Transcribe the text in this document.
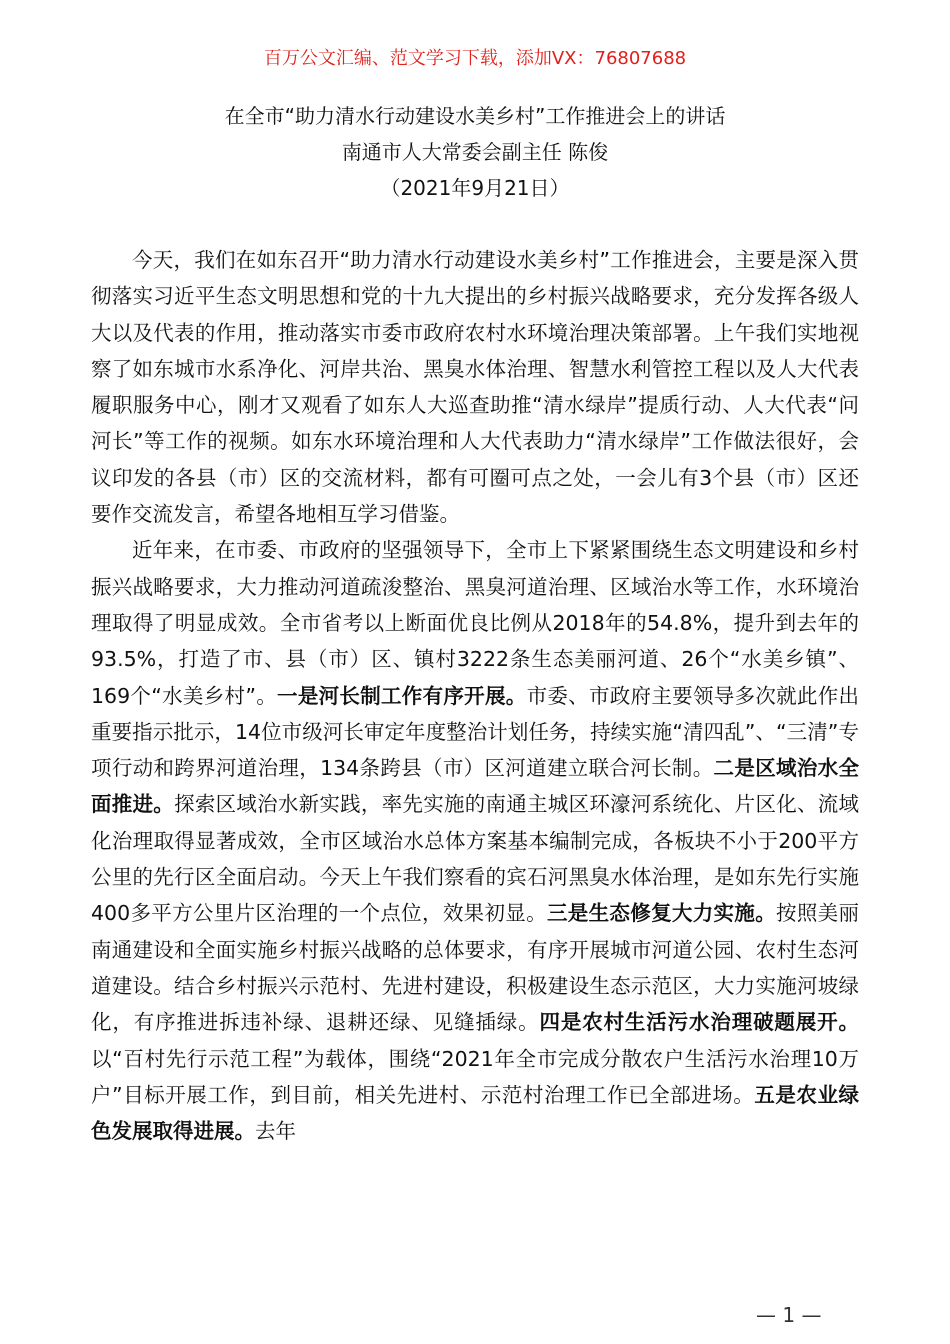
百万公文汇编、范文学习下载，添加VX：76807688
在全市“助力清水行动建设水美乡村”工作推进会上的讲话
南通市人大常委会副主任 陈俊
（2021年9月21日）

今天，我们在如东召开“助力清水行动建设水美乡村”工作推进会，主要是深入贯彻落实习近平生态文明思想和党的十九大提出的乡村振兴战略要求，充分发挥各级人大以及代表的作用，推动落实市委市政府农村水环境治理决策部署。上午我们实地视察了如东城市水系净化、河岸共治、黑臭水体治理、智慧水利管控工程以及人大代表履职服务中心，刚才又观看了如东人大巡查助推“清水绿岸”提质行动、人大代表“问河长”等工作的视频。如东水环境治理和人大代表助力“清水绿岸”工作做法很好，会议印发的各县（市）区的交流材料，都有可圈可点之处，一会儿有3个县（市）区还要作交流发言，希望各地相互学习借鉴。

近年来，在市委、市政府的坚强领导下，全市上下紧紧围绕生态文明建设和乡村振兴战略要求，大力推动河道疏浚整治、黑臭河道治理、区域治水等工作，水环境治理取得了明显成效。全市省考以上断面优良比例从2018年的54.8%，提升到去年的93.5%，打造了市、县（市）区、镇村3222条生态美丽河道、26个“水美乡镇”、169个“水美乡村”。一是河长制工作有序开展。市委、市政府主要领导多次就此作出重要指示批示，14位市级河长审定年度整治计划任务，持续实施“清四乱”、“三清”专项行动和跨界河道治理，134条跨县（市）区河道建立联合河长制。二是区域治水全面推进。探索区域治水新实践，率先实施的南通主城区环濠河系统化、片区化、流域化治理取得显著成效，全市区域治水总体方案基本编制完成，各板块不小于200平方公里的先行区全面启动。今天上午我们察看的宾石河黑臭水体治理，是如东先行实施400多平方公里片区治理的一个点位，效果初显。三是生态修复大力实施。按照美丽南通建设和全面实施乡村振兴战略的总体要求，有序开展城市河道公园、农村生态河道建设。结合乡村振兴示范村、先进村建设，积极建设生态示范区，大力实施河坡绿化，有序推进拆违补绿、退耕还绿、见缝插绿。四是农村生活污水治理破题展开。以“百村先行示范工程”为载体，围绕“2021年全市完成分散农户生活污水治理10万户”目标开展工作，到目前，相关先进村、示范村治理工作已全部进场。五是农业绿色发展取得进展。去年

— 1 —
